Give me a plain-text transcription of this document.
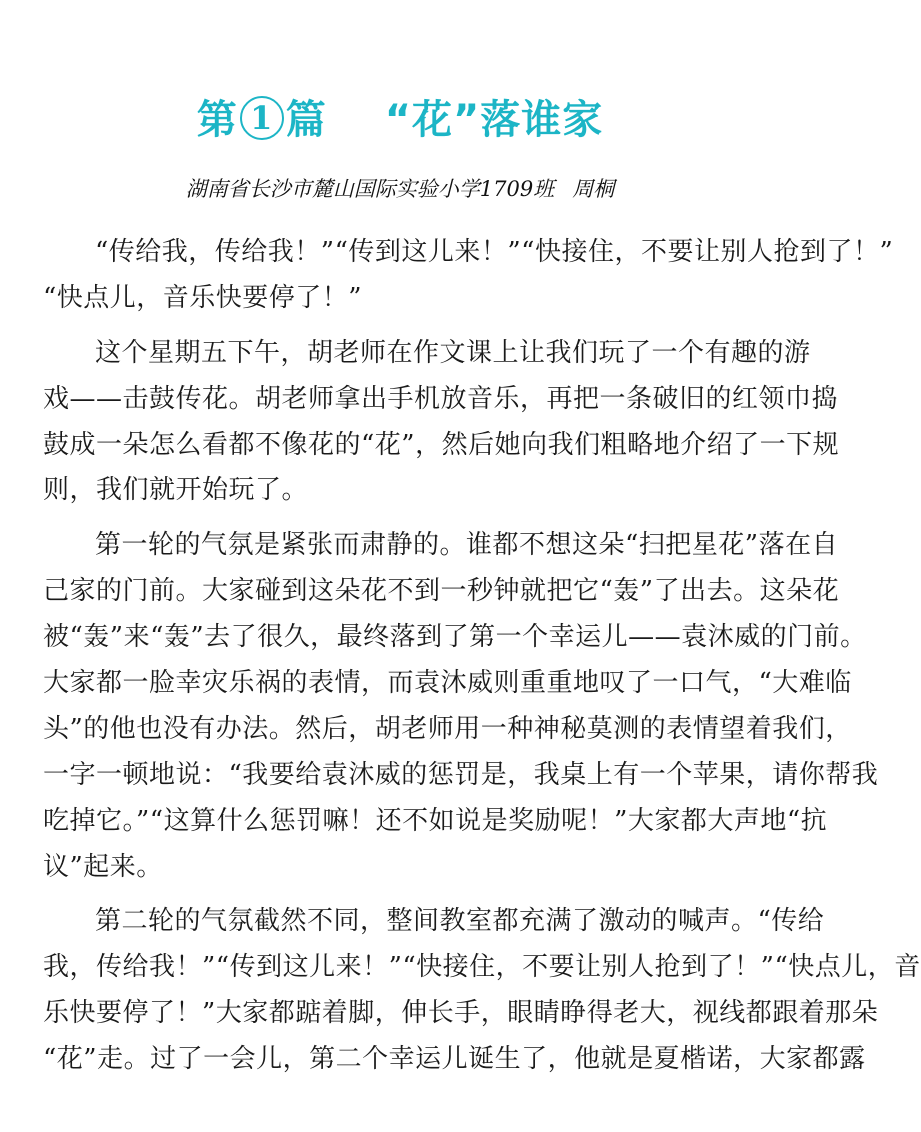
第 1 篇 “花”落谁家
湖南省长沙市麓山国际实验小学1709班 周桐
“传给我，传给我！”“传到这儿来！”“快接住，不要让别人抢到了！”
“快点儿，音乐快要停了！”
这个星期五下午，胡老师在作文课上让我们玩了一个有趣的游
戏——击鼓传花。胡老师拿出手机放音乐，再把一条破旧的红领巾捣
鼓成一朵怎么看都不像花的“花”，然后她向我们粗略地介绍了一下规
则，我们就开始玩了。
第一轮的气氛是紧张而肃静的。谁都不想这朵“扫把星花”落在自
己家的门前。大家碰到这朵花不到一秒钟就把它“轰”了出去。这朵花
被“轰”来“轰”去了很久，最终落到了第一个幸运儿——袁沐威的门前。
大家都一脸幸灾乐祸的表情，而袁沐威则重重地叹了一口气，“大难临
头”的他也没有办法。然后，胡老师用一种神秘莫测的表情望着我们，
一字一顿地说：“我要给袁沐威的惩罚是，我桌上有一个苹果，请你帮我
吃掉它。”“这算什么惩罚嘛！还不如说是奖励呢！”大家都大声地“抗
议”起来。
第二轮的气氛截然不同，整间教室都充满了激动的喊声。“传给
我，传给我！”“传到这儿来！”“快接住，不要让别人抢到了！”“快点儿，音
乐快要停了！”大家都踮着脚，伸长手，眼睛睁得老大，视线都跟着那朵
“花”走。过了一会儿，第二个幸运儿诞生了，他就是夏楷诺，大家都露
